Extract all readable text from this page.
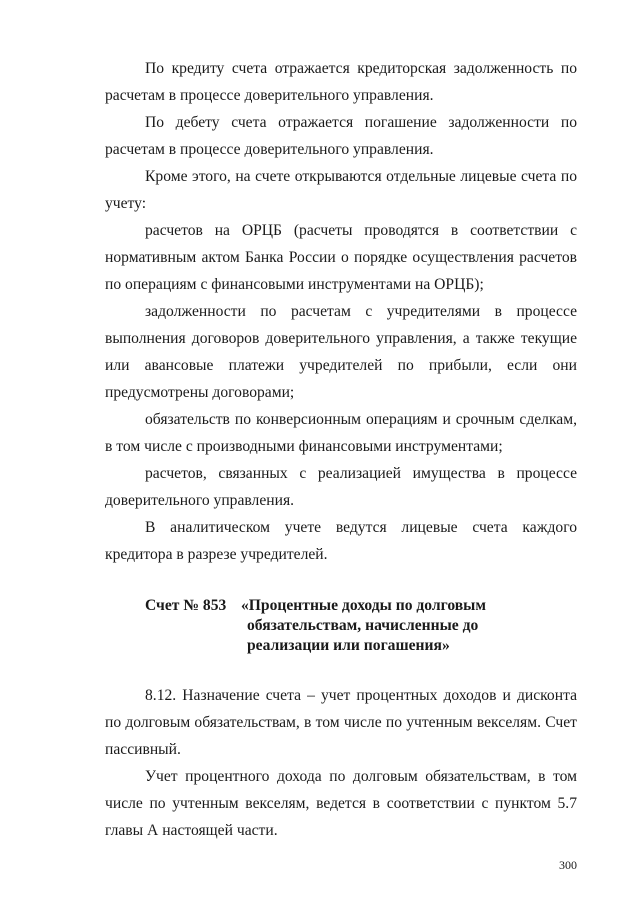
По кредиту счета отражается кредиторская задолженность по расчетам в процессе доверительного управления.

По дебету счета отражается погашение задолженности по расчетам в процессе доверительного управления.

Кроме этого, на счете открываются отдельные лицевые счета по учету:

расчетов на ОРЦБ (расчеты проводятся в соответствии с нормативным актом Банка России о порядке осуществления расчетов по операциям с финансовыми инструментами на ОРЦБ);

задолженности по расчетам с учредителями в процессе выполнения договоров доверительного управления, а также текущие или авансовые платежи учредителей по прибыли, если они предусмотрены договорами;

обязательств по конверсионным операциям и срочным сделкам, в том числе с производными финансовыми инструментами;

расчетов, связанных с реализацией имущества в процессе доверительного управления.

В аналитическом учете ведутся лицевые счета каждого кредитора в разрезе учредителей.

Счет № 853 «Процентные доходы по долговым
обязательствам, начисленные до
реализации или погашения»

8.12. Назначение счета – учет процентных доходов и дисконта по долговым обязательствам, в том числе по учтенным векселям. Счет пассивный.

Учет процентного дохода по долговым обязательствам, в том числе по учтенным векселям, ведется в соответствии с пунктом 5.7 главы А настоящей части.

300
